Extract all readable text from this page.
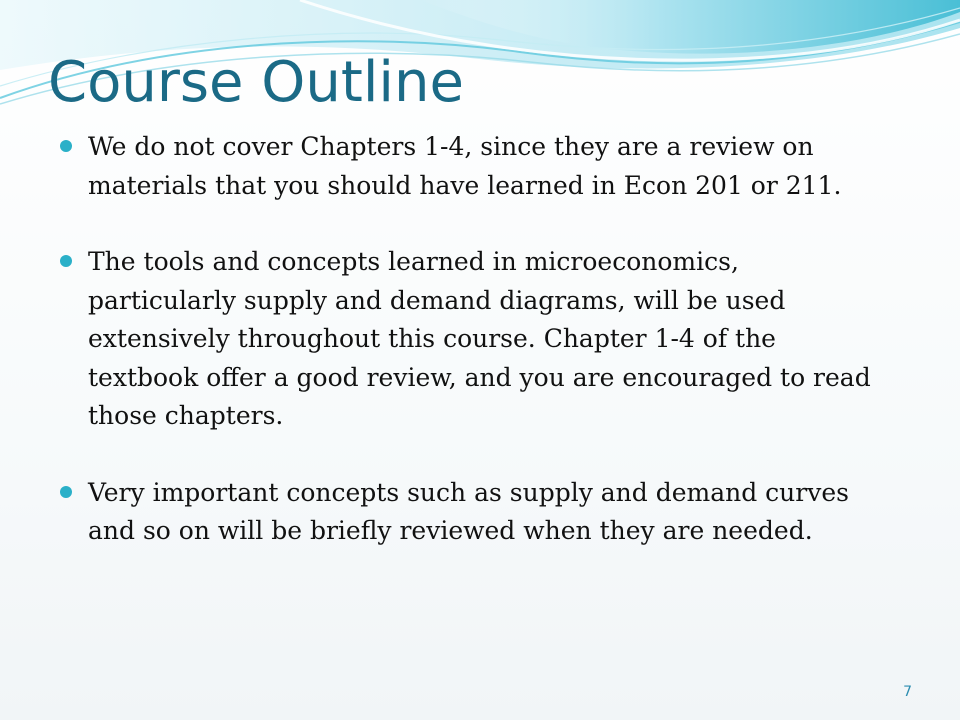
Course Outline
We do not cover Chapters 1-4, since they are a review on materials that you should have learned in Econ 201 or 211.
The tools and concepts learned in microeconomics, particularly supply and demand diagrams, will be used extensively throughout this course. Chapter 1-4 of the textbook offer a good review, and you are encouraged to read those chapters.
Very important concepts such as supply and demand curves and so on will be briefly reviewed when they are needed.
7
